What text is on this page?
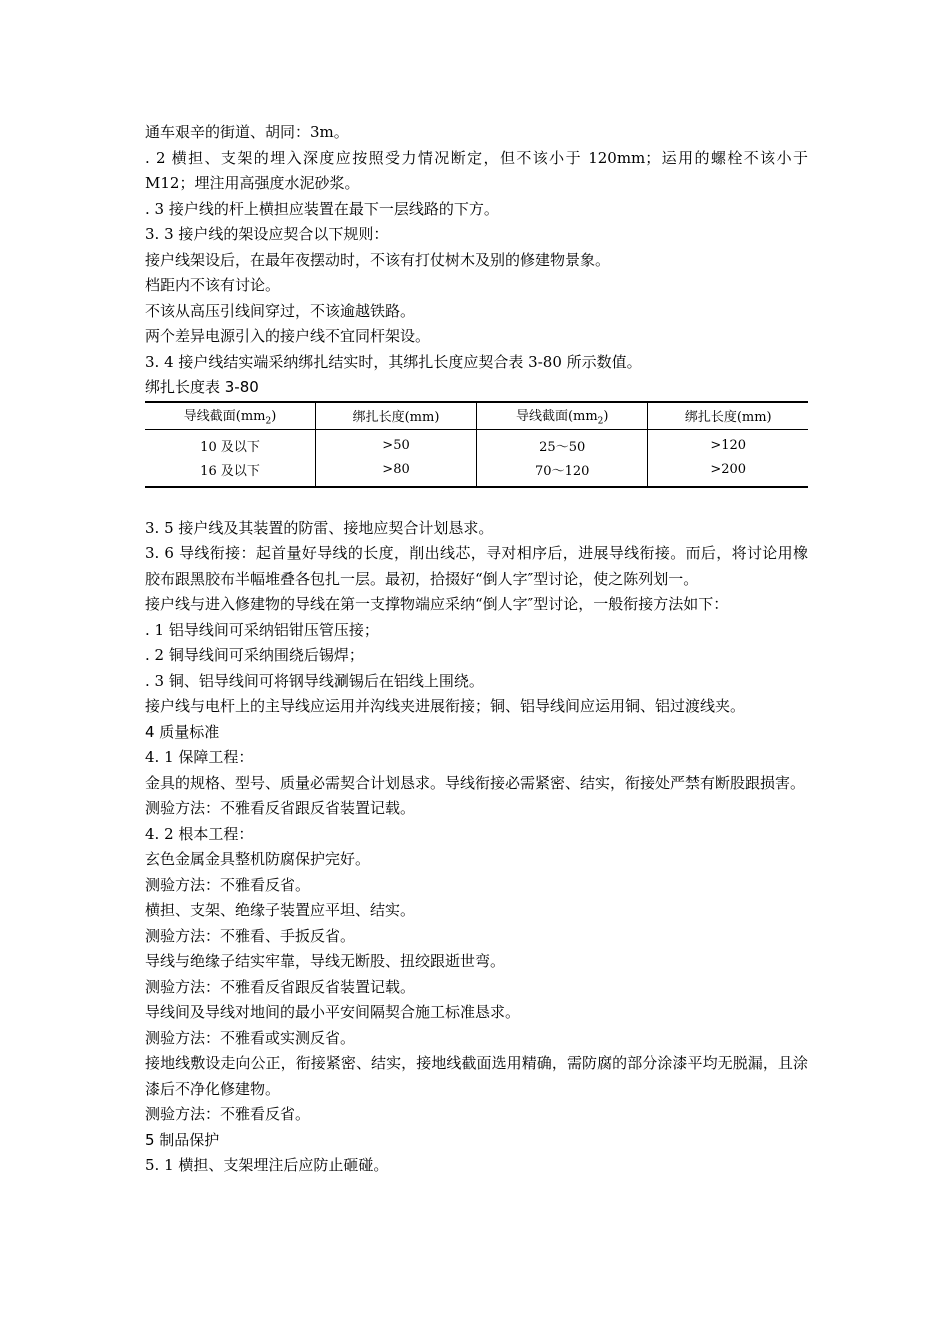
通车艰辛的街道、胡同：3m。

. 2 横担、支架的埋入深度应按照受力情况断定，但不该小于 120mm；运用的螺栓不该小于 M12；埋注用高强度水泥砂浆。

. 3 接户线的杆上横担应装置在最下一层线路的下方。

3. 3 接户线的架设应契合以下规则：

接户线架设后，在最年夜摆动时，不该有打仗树木及别的修建物景象。

档距内不该有讨论。

不该从高压引线间穿过，不该逾越铁路。

两个差异电源引入的接户线不宜同杆架设。

3. 4 接户线结实端采纳绑扎结实时，其绑扎长度应契合表 3-80 所示数值。

绑扎长度表 3-80

导线截面$(mm_2)$	绑扎长度(mm)	导线截面$(mm_2)$	绑扎长度(mm)
10 及以下	>50	25～50	>120
16 及以下	>80	70～120	>200

3. 5 接户线及其装置的防雷、接地应契合计划恳求。

3. 6 导线衔接：起首量好导线的长度，削出线芯，寻对相序后，进展导线衔接。而后，将讨论用橡胶布跟黑胶布半幅堆叠各包扎一层。最初，拾掇好“倒人字″型讨论，使之陈列划一。

接户线与进入修建物的导线在第一支撑物端应采纳“倒人字″型讨论，一般衔接方法如下：

. 1 铝导线间可采纳铝钳压管压接；

. 2 铜导线间可采纳围绕后锡焊；

. 3 铜、铝导线间可将钢导线涮锡后在铝线上围绕。

接户线与电杆上的主导线应运用并沟线夹进展衔接；铜、铝导线间应运用铜、铝过渡线夹。

4 质量标准

4. 1 保障工程：

金具的规格、型号、质量必需契合计划恳求。导线衔接必需紧密、结实，衔接处严禁有断股跟损害。

测验方法：不雅看反省跟反省装置记载。

4. 2 根本工程：

玄色金属金具整机防腐保护完好。

测验方法：不雅看反省。

横担、支架、绝缘子装置应平坦、结实。

测验方法：不雅看、手扳反省。

导线与绝缘子结实牢靠，导线无断股、扭绞跟逝世弯。

测验方法：不雅看反省跟反省装置记载。

导线间及导线对地间的最小平安间隔契合施工标准恳求。

测验方法：不雅看或实测反省。

接地线敷设走向公正，衔接紧密、结实，接地线截面选用精确，需防腐的部分涂漆平均无脱漏，且涂漆后不净化修建物。

测验方法：不雅看反省。

5 制品保护

5. 1 横担、支架埋注后应防止砸碰。
